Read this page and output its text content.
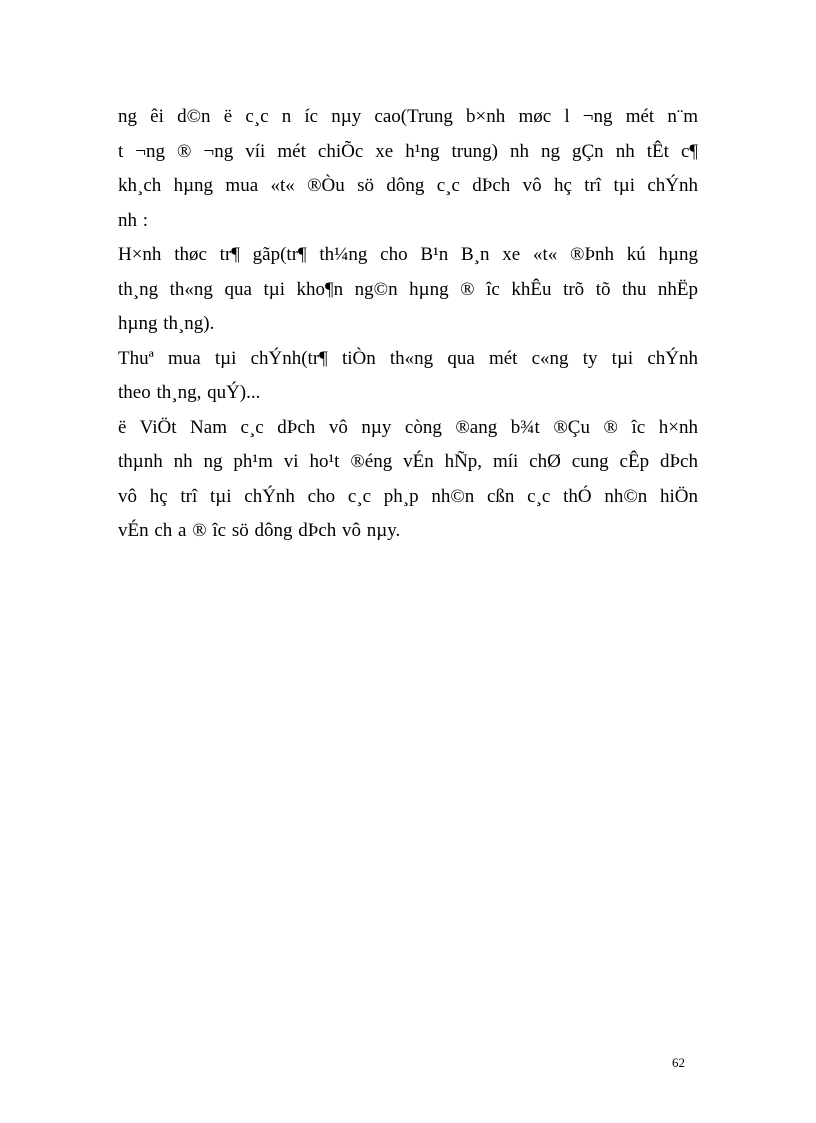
ng êi d©n ë c¸c n íc nµy cao(Trung b×nh møc l ¬ng mét n¨m
t ¬ng ® ¬ng víi mét chiÕc xe h¹ng trung) nh ng gÇn nh tÊt c¶
kh¸ch hµng mua «t« ®Òu sö dông c¸c dÞch vô hç trî tµi chÝnh
nh :
H×nh thøc tr¶ gãp(tr¶ th¼ng cho B¹n B¸n xe «t« ®Þnh kú hµng
th¸ng th«ng qua tµi kho¶n ng©n hµng ® îc khÊu trõ tõ thu nhËp
hµng th¸ng).
Thuª mua tµi chÝnh(tr¶ tiÒn th«ng qua mét c«ng ty tµi chÝnh
theo th¸ng, quÝ)...
ë ViÖt Nam c¸c dÞch vô nµy còng ®ang b¾t ®Çu ® îc h×nh
thµnh nh ng ph¹m vi ho¹t ®éng vÉn hÑp, míi chØ cung cÊp dÞch
vô hç trî tµi chÝnh cho c¸c ph¸p nh©n cßn c¸c thÓ nh©n hiÖn
vÉn ch a ® îc sö dông dÞch vô nµy.
62
